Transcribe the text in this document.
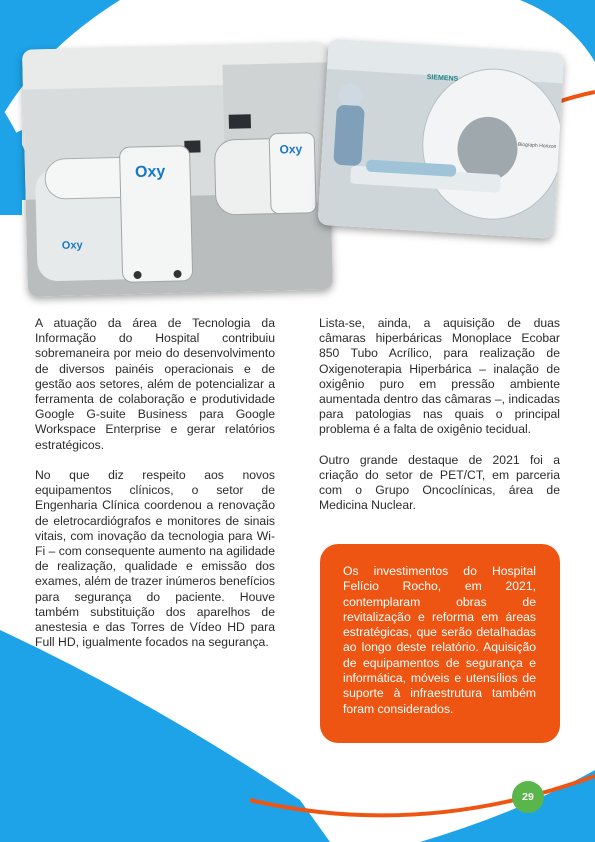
Oxy
Oxy
Oxy
SIEMENS
Biograph Horizon

A atuação da área de Tecnologia da Informação do Hospital contribuiu sobremaneira por meio do desenvolvimento de diversos painéis operacionais e de gestão aos setores, além de potencializar a ferramenta de colaboração e produtividade Google G-suite Business para Google Workspace Enterprise e gerar relatórios estratégicos.

No que diz respeito aos novos equipamentos clínicos, o setor de Engenharia Clínica coordenou a renovação de eletrocardiógrafos e monitores de sinais vitais, com inovação da tecnologia para Wi-Fi – com consequente aumento na agilidade de realização, qualidade e emissão dos exames, além de trazer inúmeros benefícios para segurança do paciente. Houve também substituição dos aparelhos de anestesia e das Torres de Vídeo HD para Full HD, igualmente focados na segurança.

Lista-se, ainda, a aquisição de duas câmaras hiperbáricas Monoplace Ecobar 850 Tubo Acrílico, para realização de Oxigenoterapia Hiperbárica – inalação de oxigênio puro em pressão ambiente aumentada dentro das câmaras –, indicadas para patologias nas quais o principal problema é a falta de oxigênio tecidual.

Outro grande destaque de 2021 foi a criação do setor de PET/CT, em parceria com o Grupo Oncoclínicas, área de Medicina Nuclear.

Os investimentos do Hospital Felício Rocho, em 2021, contemplaram obras de revitalização e reforma em áreas estratégicas, que serão detalhadas ao longo deste relatório. Aquisição de equipamentos de segurança e informática, móveis e utensílios de suporte à infraestrutura também foram considerados.

29
